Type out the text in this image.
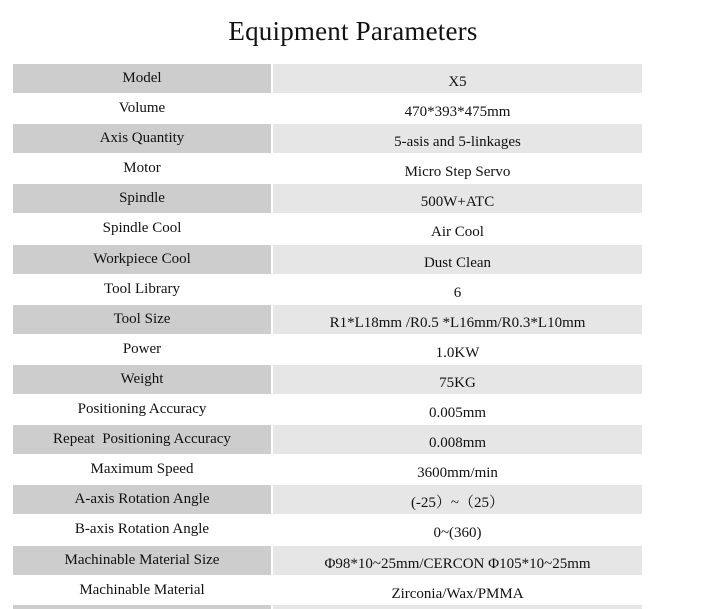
Equipment Parameters
Model	X5
Volume	470*393*475mm
Axis Quantity	5-asis and 5-linkages
Motor	Micro Step Servo
Spindle	500W+ATC
Spindle Cool	Air Cool
Workpiece Cool	Dust Clean
Tool Library	6
Tool Size	R1*L18mm /R0.5 *L16mm/R0.3*L10mm
Power	1.0KW
Weight	75KG
Positioning Accuracy	0.005mm
Repeat  Positioning Accuracy	0.008mm
Maximum Speed	3600mm/min
A-axis Rotation Angle	(-25）~（25）
B-axis Rotation Angle	0~(360)
Machinable Material Size	Φ98*10~25mm/CERCON Φ105*10~25mm
Machinable Material	Zirconia/Wax/PMMA
